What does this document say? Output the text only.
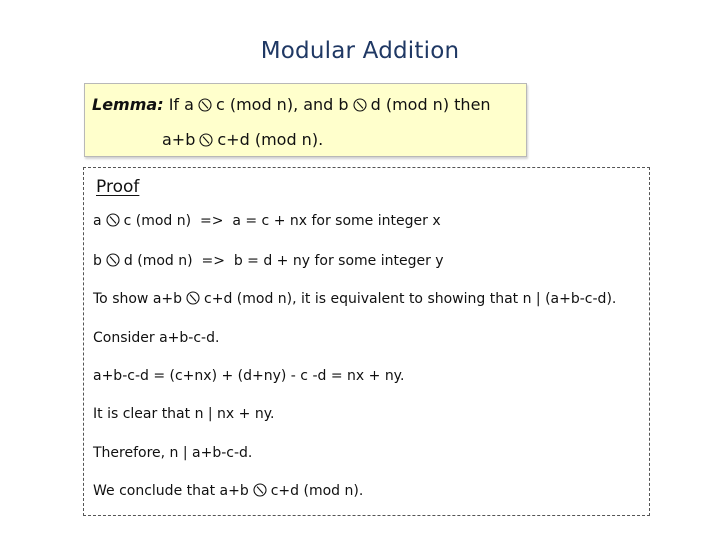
Modular Addition
Lemma: If a c (mod n), and b d (mod n) then
a+b c+d (mod n).
Proof
a c (mod n)  =>  a = c + nx for some integer x
b d (mod n)  =>  b = d + ny for some integer y
To show a+b c+d (mod n), it is equivalent to showing that n | (a+b-c-d).
Consider a+b-c-d.
a+b-c-d = (c+nx) + (d+ny) - c -d = nx + ny.
It is clear that n | nx + ny.
Therefore, n | a+b-c-d.
We conclude that a+b c+d (mod n).
